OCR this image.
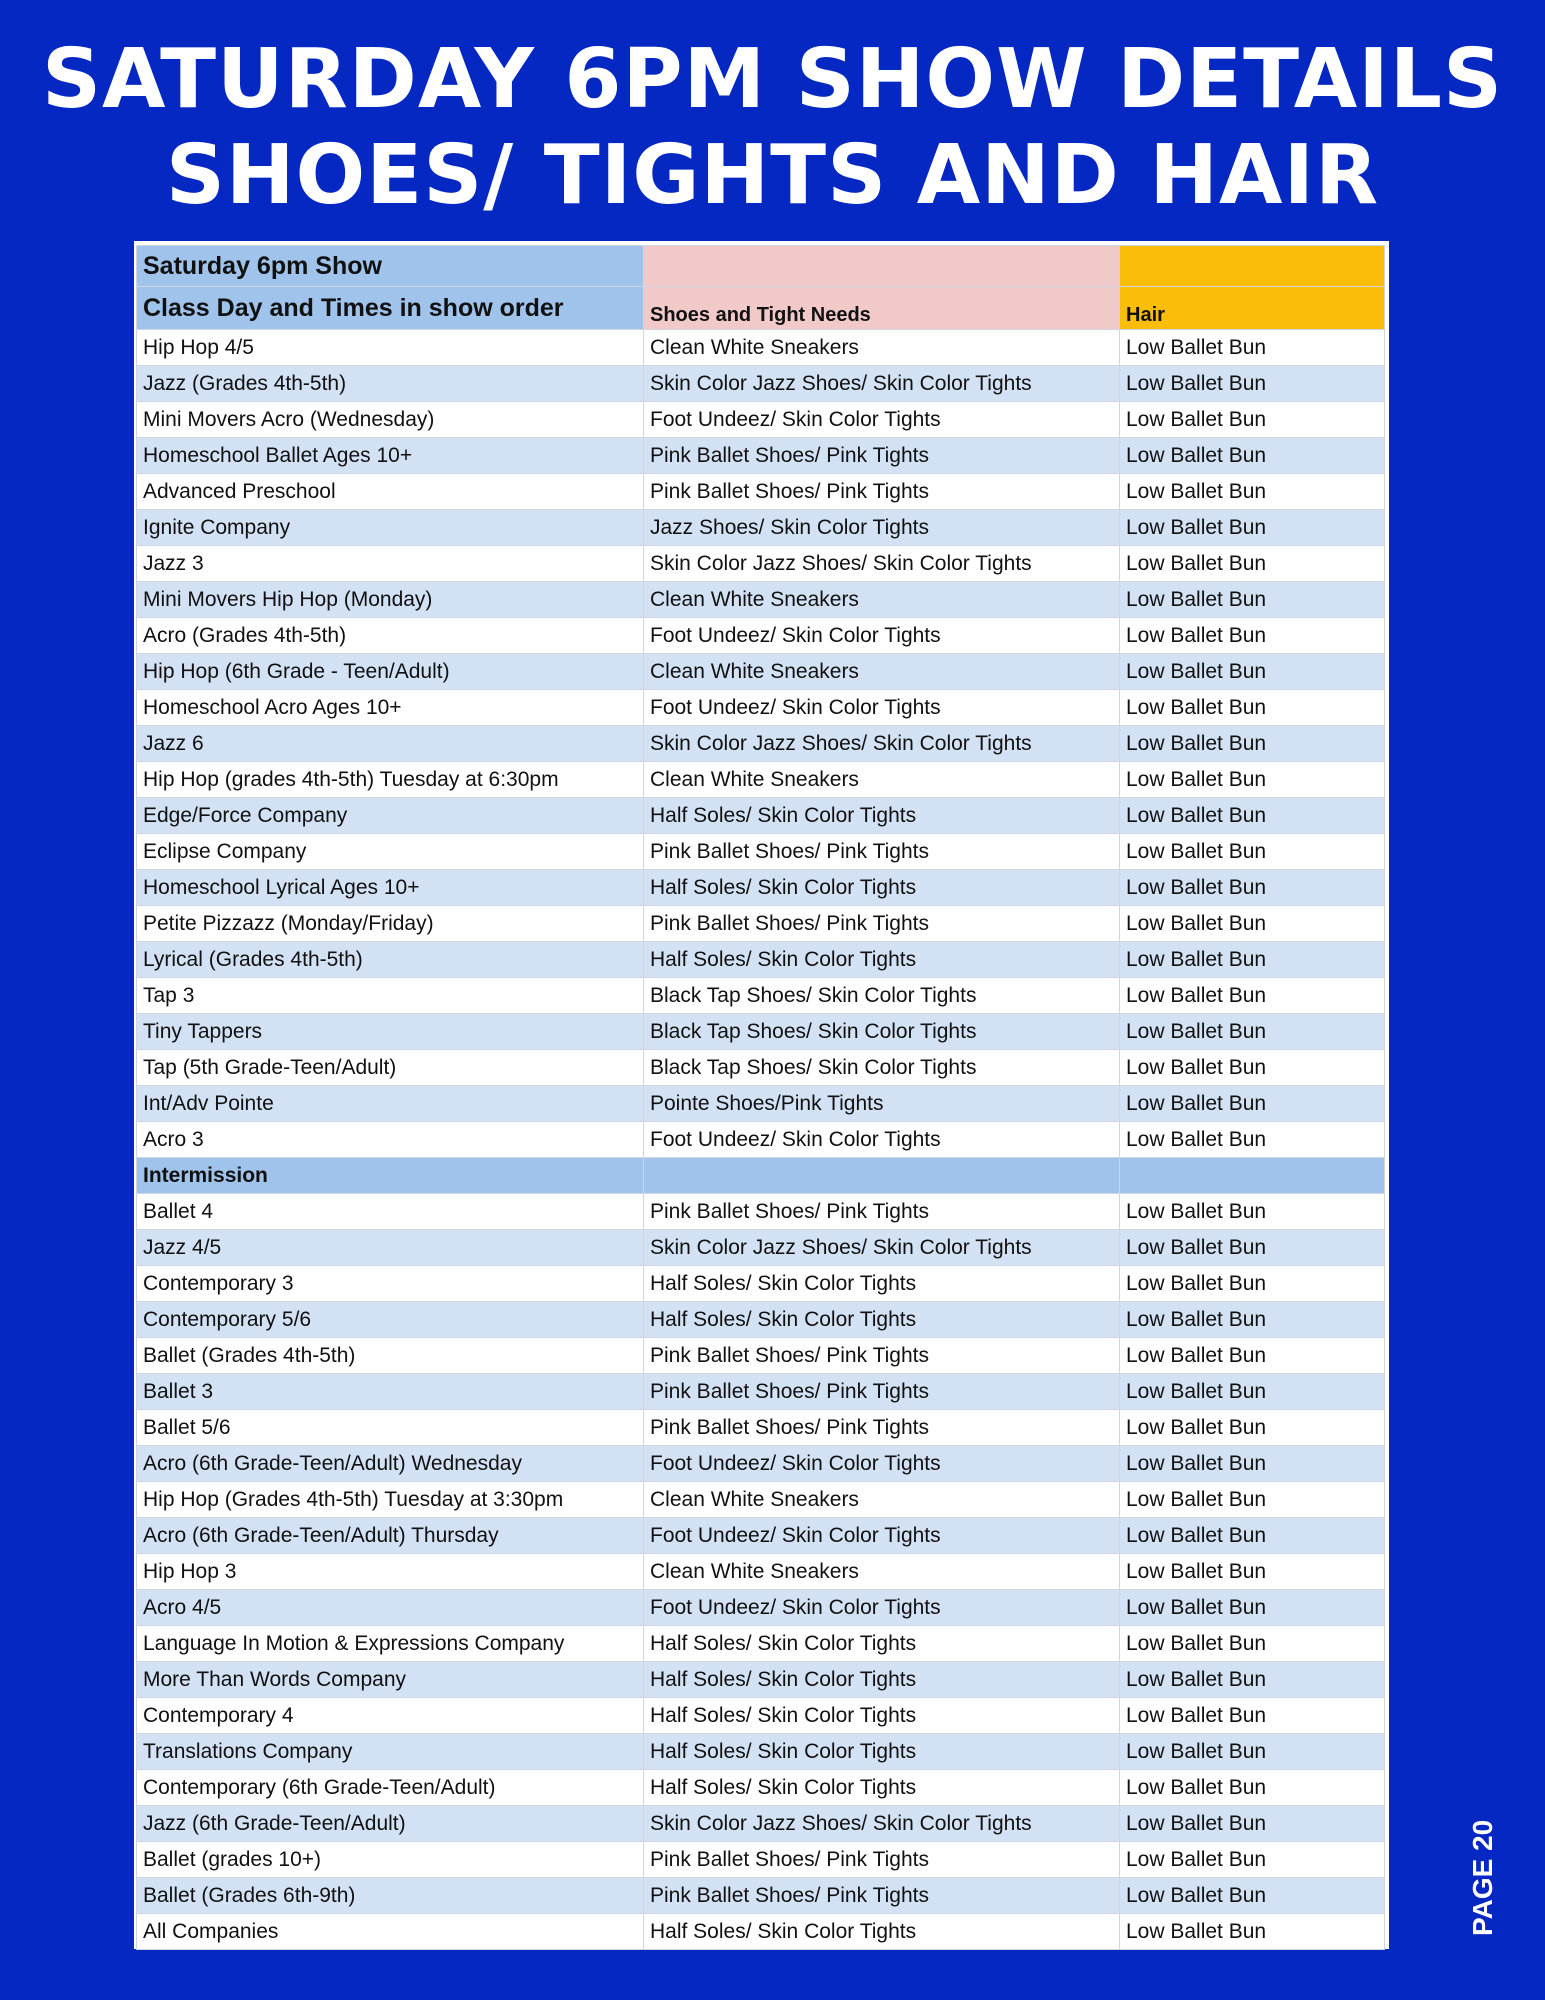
SATURDAY 6PM SHOW DETAILS
SHOES/ TIGHTS AND HAIR
Saturday 6pm Show		
Class Day and Times in show order	Shoes and Tight Needs	Hair
Hip Hop 4/5	Clean White Sneakers	Low Ballet Bun
Jazz (Grades 4th-5th)	Skin Color Jazz Shoes/ Skin Color Tights	Low Ballet Bun
Mini Movers Acro (Wednesday)	Foot Undeez/ Skin Color Tights	Low Ballet Bun
Homeschool Ballet Ages 10+	Pink Ballet Shoes/ Pink Tights	Low Ballet Bun
Advanced Preschool	Pink Ballet Shoes/ Pink Tights	Low Ballet Bun
Ignite Company	Jazz Shoes/ Skin Color Tights	Low Ballet Bun
Jazz 3	Skin Color Jazz Shoes/ Skin Color Tights	Low Ballet Bun
Mini Movers Hip Hop (Monday)	Clean White Sneakers	Low Ballet Bun
Acro (Grades 4th-5th)	Foot Undeez/ Skin Color Tights	Low Ballet Bun
Hip Hop (6th Grade - Teen/Adult)	Clean White Sneakers	Low Ballet Bun
Homeschool Acro Ages 10+	Foot Undeez/ Skin Color Tights	Low Ballet Bun
Jazz 6	Skin Color Jazz Shoes/ Skin Color Tights	Low Ballet Bun
Hip Hop (grades 4th-5th) Tuesday at 6:30pm	Clean White Sneakers	Low Ballet Bun
Edge/Force Company	Half Soles/ Skin Color Tights	Low Ballet Bun
Eclipse Company	Pink Ballet Shoes/ Pink Tights	Low Ballet Bun
Homeschool Lyrical Ages 10+	Half Soles/ Skin Color Tights	Low Ballet Bun
Petite Pizzazz (Monday/Friday)	Pink Ballet Shoes/ Pink Tights	Low Ballet Bun
Lyrical (Grades 4th-5th)	Half Soles/ Skin Color Tights	Low Ballet Bun
Tap 3	Black Tap Shoes/ Skin Color Tights	Low Ballet Bun
Tiny Tappers	Black Tap Shoes/ Skin Color Tights	Low Ballet Bun
Tap (5th Grade-Teen/Adult)	Black Tap Shoes/ Skin Color Tights	Low Ballet Bun
Int/Adv Pointe	Pointe Shoes/Pink Tights	Low Ballet Bun
Acro 3	Foot Undeez/ Skin Color Tights	Low Ballet Bun
Intermission		
Ballet 4	Pink Ballet Shoes/ Pink Tights	Low Ballet Bun
Jazz 4/5	Skin Color Jazz Shoes/ Skin Color Tights	Low Ballet Bun
Contemporary 3	Half Soles/ Skin Color Tights	Low Ballet Bun
Contemporary 5/6	Half Soles/ Skin Color Tights	Low Ballet Bun
Ballet (Grades 4th-5th)	Pink Ballet Shoes/ Pink Tights	Low Ballet Bun
Ballet 3	Pink Ballet Shoes/ Pink Tights	Low Ballet Bun
Ballet 5/6	Pink Ballet Shoes/ Pink Tights	Low Ballet Bun
Acro (6th Grade-Teen/Adult) Wednesday	Foot Undeez/ Skin Color Tights	Low Ballet Bun
Hip Hop (Grades 4th-5th) Tuesday at 3:30pm	Clean White Sneakers	Low Ballet Bun
Acro (6th Grade-Teen/Adult) Thursday	Foot Undeez/ Skin Color Tights	Low Ballet Bun
Hip Hop 3	Clean White Sneakers	Low Ballet Bun
Acro 4/5	Foot Undeez/ Skin Color Tights	Low Ballet Bun
Language In Motion & Expressions Company	Half Soles/ Skin Color Tights	Low Ballet Bun
More Than Words Company	Half Soles/ Skin Color Tights	Low Ballet Bun
Contemporary 4	Half Soles/ Skin Color Tights	Low Ballet Bun
Translations Company	Half Soles/ Skin Color Tights	Low Ballet Bun
Contemporary (6th Grade-Teen/Adult)	Half Soles/ Skin Color Tights	Low Ballet Bun
Jazz (6th Grade-Teen/Adult)	Skin Color Jazz Shoes/ Skin Color Tights	Low Ballet Bun
Ballet (grades 10+)	Pink Ballet Shoes/ Pink Tights	Low Ballet Bun
Ballet (Grades 6th-9th)	Pink Ballet Shoes/ Pink Tights	Low Ballet Bun
All Companies	Half Soles/ Skin Color Tights	Low Ballet Bun	PAGE 20
